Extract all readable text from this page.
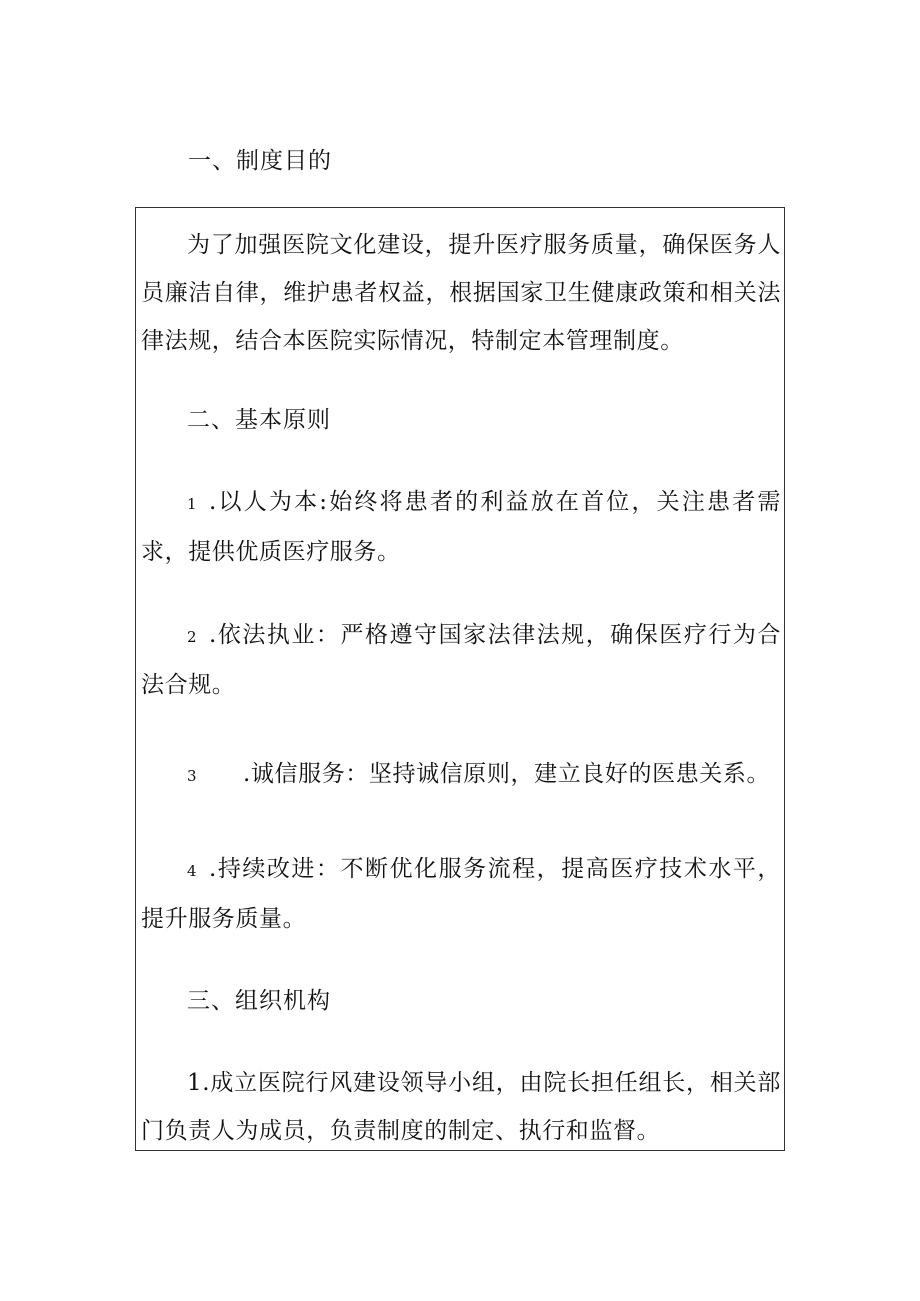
一、制度目的

为了加强医院文化建设，提升医疗服务质量，确保医务人员廉洁自律，维护患者权益，根据国家卫生健康政策和相关法律法规，结合本医院实际情况，特制定本管理制度。

二、基本原则

1 .以人为本:始终将患者的利益放在首位，关注患者需求，提供优质医疗服务。

2 .依法执业：严格遵守国家法律法规，确保医疗行为合法合规。

3 .诚信服务：坚持诚信原则，建立良好的医患关系。

4 .持续改进：不断优化服务流程，提高医疗技术水平，提升服务质量。

三、组织机构

1.成立医院行风建设领导小组，由院长担任组长，相关部门负责人为成员，负责制度的制定、执行和监督。
